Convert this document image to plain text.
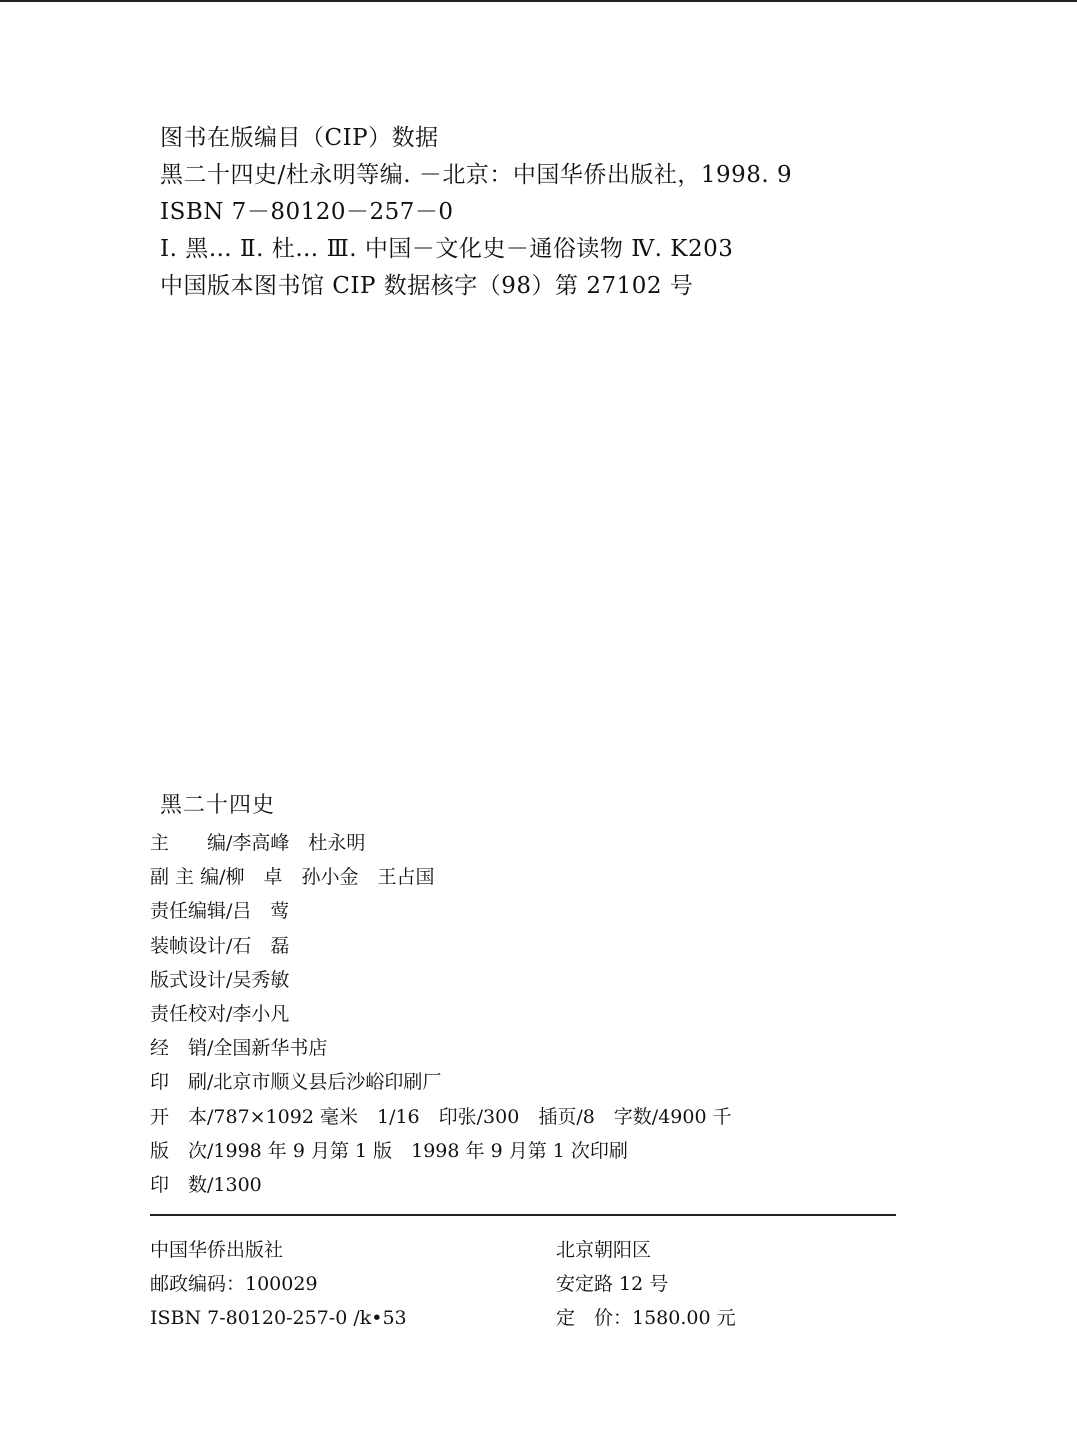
图书在版编目（CIP）数据
黑二十四史/杜永明等编. －北京：中国华侨出版社，1998. 9
ISBN 7－80120－257－0
Ⅰ. 黑… Ⅱ. 杜… Ⅲ. 中国－文化史－通俗读物 Ⅳ. K203
中国版本图书馆 CIP 数据核字（98）第 27102 号
黑二十四史
主　　编/李高峰　杜永明
副 主 编/柳　卓　孙小金　王占国
责任编辑/吕　莺
装帧设计/石　磊
版式设计/吴秀敏
责任校对/李小凡
经　销/全国新华书店
印　刷/北京市顺义县后沙峪印刷厂
开　本/787×1092 毫米　1/16　印张/300　插页/8　字数/4900 千
版　次/1998 年 9 月第 1 版　1998 年 9 月第 1 次印刷
印　数/1300
中国华侨出版社
邮政编码：100029
ISBN 7-80120-257-0 /k•53
北京朝阳区
安定路 12 号
定　价：1580.00 元
